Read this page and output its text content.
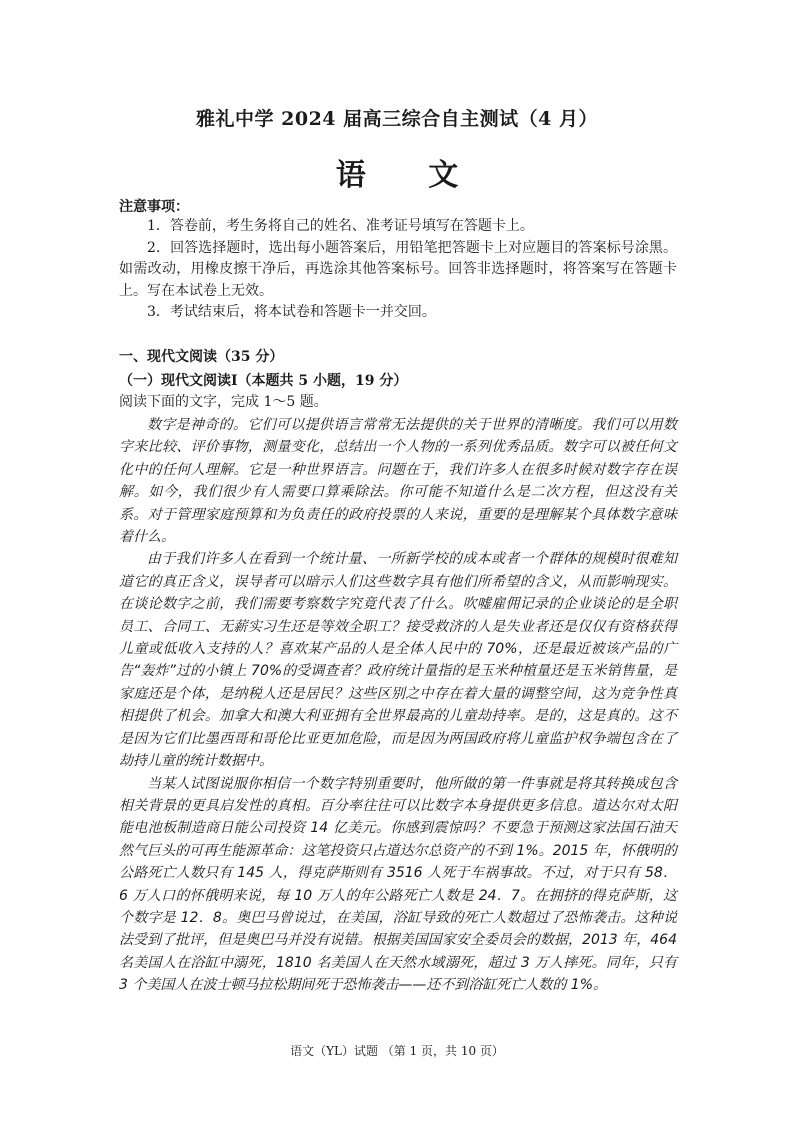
雅礼中学 2024 届高三综合自主测试（4 月）
语 文
注意事项：

1．答卷前，考生务将自己的姓名、准考证号填写在答题卡上。

2．回答选择题时，选出每小题答案后，用铅笔把答题卡上对应题目的答案标号涂黑。如需改动，用橡皮擦干净后，再选涂其他答案标号。回答非选择题时，将答案写在答题卡上。写在本试卷上无效。

3．考试结束后，将本试卷和答题卡一并交回。

一、现代文阅读（35 分）
（一）现代文阅读Ⅰ（本题共 5 小题，19 分）
阅读下面的文字，完成 1～5 题。

数字是神奇的。它们可以提供语言常常无法提供的关于世界的清晰度。我们可以用数字来比较、评价事物，测量变化，总结出一个人物的一系列优秀品质。数字可以被任何文化中的任何人理解。它是一种世界语言。问题在于，我们许多人在很多时候对数字存在误解。如今，我们很少有人需要口算乘除法。你可能不知道什么是二次方程，但这没有关系。对于管理家庭预算和为负责任的政府投票的人来说，重要的是理解某个具体数字意味着什么。

由于我们许多人在看到一个统计量、一所新学校的成本或者一个群体的规模时很难知道它的真正含义，误导者可以暗示人们这些数字具有他们所希望的含义，从而影响现实。在谈论数字之前，我们需要考察数字究竟代表了什么。吹嘘雇佣记录的企业谈论的是全职员工、合同工、无薪实习生还是等效全职工？接受救济的人是失业者还是仅仅有资格获得儿童或低收入支持的人？喜欢某产品的人是全体人民中的 70%，还是最近被该产品的广告“轰炸”过的小镇上 70%的受调查者？政府统计量指的是玉米种植量还是玉米销售量，是家庭还是个体，是纳税人还是居民？这些区别之中存在着大量的调整空间，这为竞争性真相提供了机会。加拿大和澳大利亚拥有全世界最高的儿童劫持率。是的，这是真的。这不是因为它们比墨西哥和哥伦比亚更加危险，而是因为两国政府将儿童监护权争端包含在了劫持儿童的统计数据中。

当某人试图说服你相信一个数字特别重要时，他所做的第一件事就是将其转换成包含相关背景的更具启发性的真相。百分率往往可以比数字本身提供更多信息。道达尔对太阳能电池板制造商日能公司投资 14 亿美元。你感到震惊吗？不要急于预测这家法国石油天然气巨头的可再生能源革命：这笔投资只占道达尔总资产的不到 1%。2015 年，怀俄明的公路死亡人数只有 145 人，得克萨斯则有 3516 人死于车祸事故。不过，对于只有 58．6 万人口的怀俄明来说，每 10 万人的年公路死亡人数是 24．7。在拥挤的得克萨斯，这个数字是 12．8。奥巴马曾说过，在美国，浴缸导致的死亡人数超过了恐怖袭击。这种说法受到了批评，但是奥巴马并没有说错。根据美国国家安全委员会的数据，2013 年，464 名美国人在浴缸中溺死，1810 名美国人在天然水域溺死，超过 3 万人摔死。同年，只有 3 个美国人在波士顿马拉松期间死于恐怖袭击——还不到浴缸死亡人数的 1%。

语文（YL）试题 （第 1 页，共 10 页）
